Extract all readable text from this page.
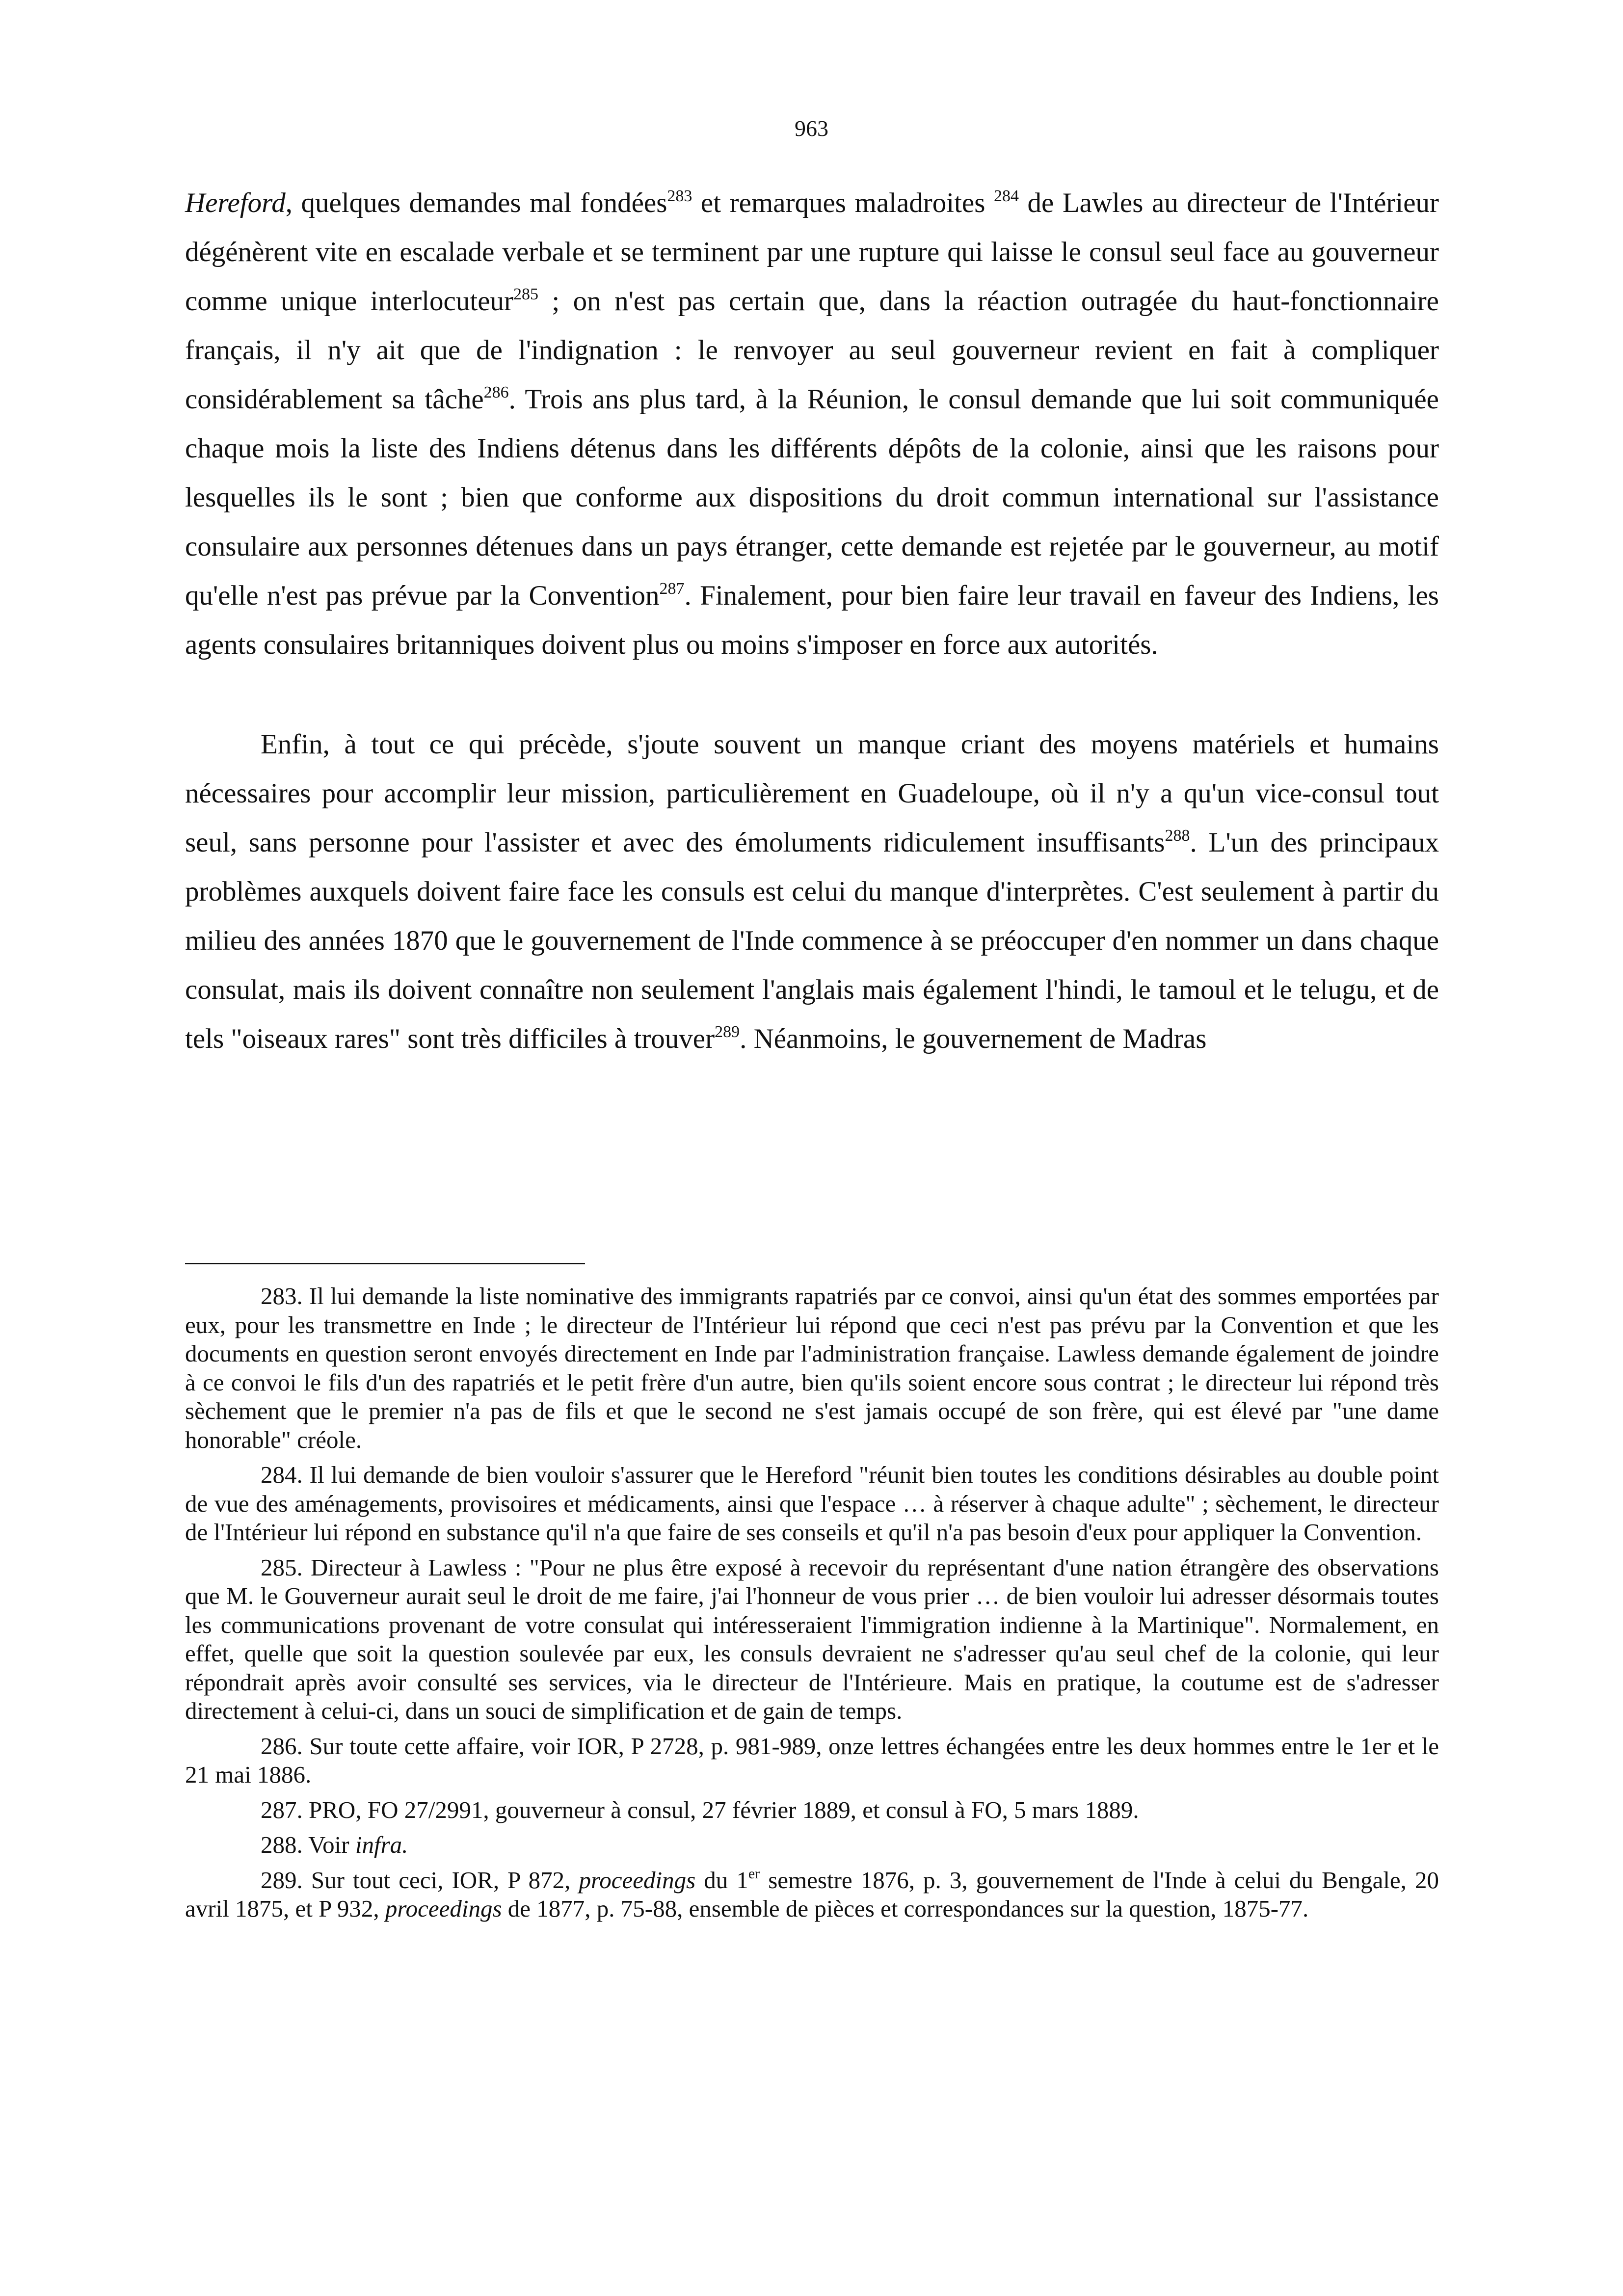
963

Hereford, quelques demandes mal fondées$^{283}$ et remarques maladroites $^{284}$ de Lawles au directeur de l'Intérieur dégénèrent vite en escalade verbale et se terminent par une rupture qui laisse le consul seul face au gouverneur comme unique interlocuteur$^{285}$ ; on n'est pas certain que, dans la réaction outragée du haut-fonctionnaire français, il n'y ait que de l'indignation : le renvoyer au seul gouverneur revient en fait à compliquer considérablement sa tâche$^{286}$. Trois ans plus tard, à la Réunion, le consul demande que lui soit communiquée chaque mois la liste des Indiens détenus dans les différents dépôts de la colonie, ainsi que les raisons pour lesquelles ils le sont ; bien que conforme aux dispositions du droit commun international sur l'assistance consulaire aux personnes détenues dans un pays étranger, cette demande est rejetée par le gouverneur, au motif qu'elle n'est pas prévue par la Convention$^{287}$. Finalement, pour bien faire leur travail en faveur des Indiens, les agents consulaires britanniques doivent plus ou moins s'imposer en force aux autorités.

Enfin, à tout ce qui précède, s'joute souvent un manque criant des moyens matériels et humains nécessaires pour accomplir leur mission, particulièrement en Guadeloupe, où il n'y a qu'un vice-consul tout seul, sans personne pour l'assister et avec des émoluments ridiculement insuffisants$^{288}$. L'un des principaux problèmes auxquels doivent faire face les consuls est celui du manque d'interprètes. C'est seulement à partir du milieu des années 1870 que le gouvernement de l'Inde commence à se préoccuper d'en nommer un dans chaque consulat, mais ils doivent connaître non seulement l'anglais mais également l'hindi, le tamoul et le telugu, et de tels "oiseaux rares" sont très difficiles à trouver$^{289}$. Néanmoins, le gouvernement de Madras

283. Il lui demande la liste nominative des immigrants rapatriés par ce convoi, ainsi qu'un état des sommes emportées par eux, pour les transmettre en Inde ; le directeur de l'Intérieur lui répond que ceci n'est pas prévu par la Convention et que les documents en question seront envoyés directement en Inde par l'administration française. Lawless demande également de joindre à ce convoi le fils d'un des rapatriés et le petit frère d'un autre, bien qu'ils soient encore sous contrat ; le directeur lui répond très sèchement que le premier n'a pas de fils et que le second ne s'est jamais occupé de son frère, qui est élevé par "une dame honorable" créole.

284. Il lui demande de bien vouloir s'assurer que le Hereford "réunit bien toutes les conditions désirables au double point de vue des aménagements, provisoires et médicaments, ainsi que l'espace … à réserver à chaque adulte" ; sèchement, le directeur de l'Intérieur lui répond en substance qu'il n'a que faire de ses conseils et qu'il n'a pas besoin d'eux pour appliquer la Convention.

285. Directeur à Lawless : "Pour ne plus être exposé à recevoir du représentant d'une nation étrangère des observations que M. le Gouverneur aurait seul le droit de me faire, j'ai l'honneur de vous prier … de bien vouloir lui adresser désormais toutes les communications provenant de votre consulat qui intéresseraient l'immigration indienne à la Martinique". Normalement, en effet, quelle que soit la question soulevée par eux, les consuls devraient ne s'adresser qu'au seul chef de la colonie, qui leur répondrait après avoir consulté ses services, via le directeur de l'Intérieure. Mais en pratique, la coutume est de s'adresser directement à celui-ci, dans un souci de simplification et de gain de temps.

286. Sur toute cette affaire, voir IOR, P 2728, p. 981-989, onze lettres échangées entre les deux hommes entre le 1er et le 21 mai 1886.

287. PRO, FO 27/2991, gouverneur à consul, 27 février 1889, et consul à FO, 5 mars 1889.

288. Voir infra.

289. Sur tout ceci, IOR, P 872, proceedings du 1er semestre 1876, p. 3, gouvernement de l'Inde à celui du Bengale, 20 avril 1875, et P 932, proceedings de 1877, p. 75-88, ensemble de pièces et correspondances sur la question, 1875-77.
